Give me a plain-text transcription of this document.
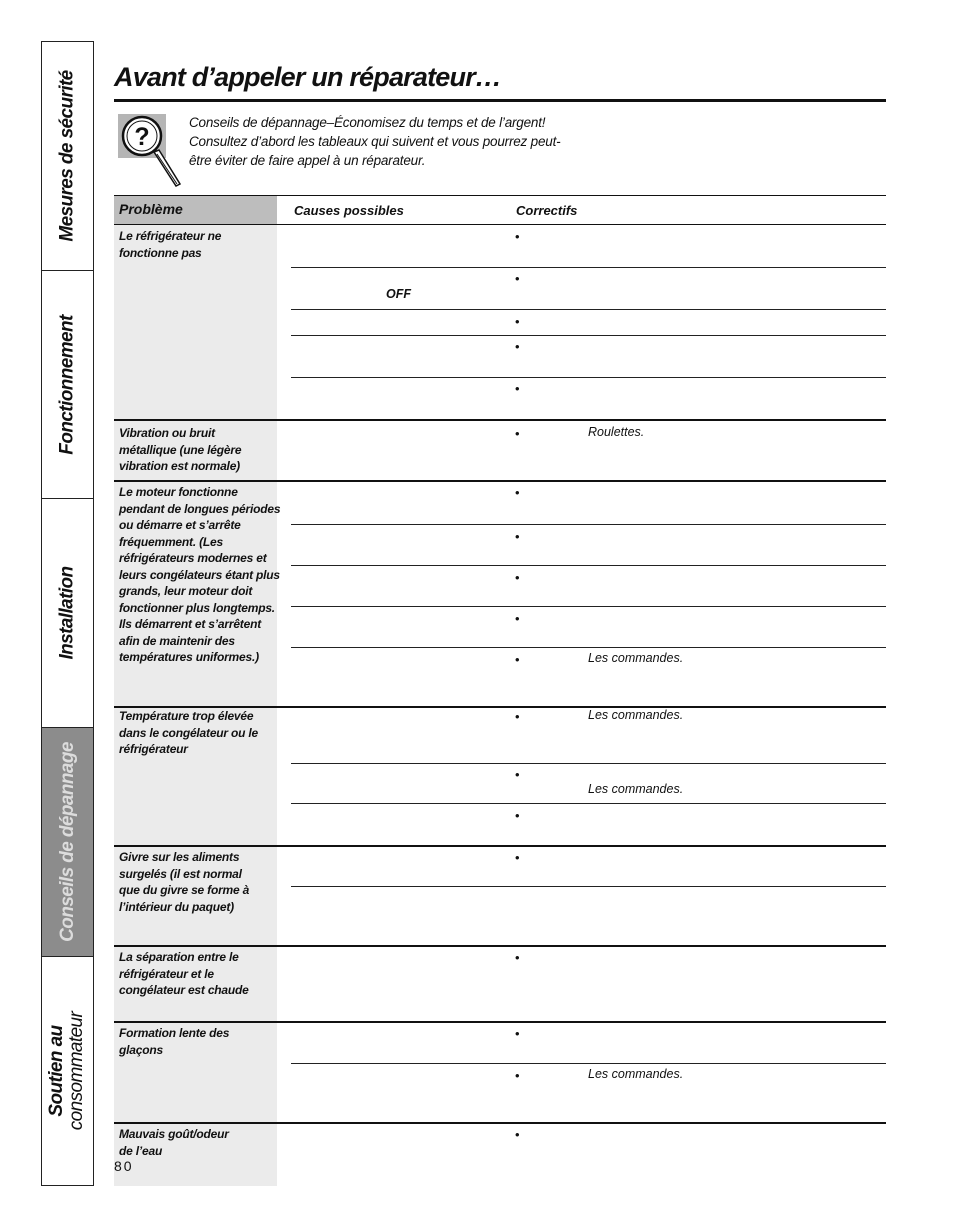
Mesures de sécurité
Fonctionnement
Installation
Conseils de dépannage
Soutien au consommateur
Avant d’appeler un réparateur…
?
Conseils de dépannage–Économisez du temps et de l’argent!
Consultez d’abord les tableaux qui suivent et vous pourrez peut-
être éviter de faire appel à un réparateur.
Problème	Causes possibles	Correctifs
Le réfrigérateur ne fonctionne pas
Vibration ou bruit métallique (une légère vibration est normale)
Le moteur fonctionne pendant de longues périodes ou démarre et s’arrête fréquemment. (Les réfrigérateurs modernes et leurs congélateurs étant plus grands, leur moteur doit fonctionner plus longtemps. Ils démarrent et s’arrêtent afin de maintenir des températures uniformes.)
Température trop élevée dans le congélateur ou le réfrigérateur
Givre sur les aliments surgelés (il est normal que du givre se forme à l’intérieur du paquet)
La séparation entre le réfrigérateur et le congélateur est chaude
Formation lente des glaçons
Mauvais goût/odeur de l’eau
•
•
•
•
•
•
•
•
•
•
•
•
•
•
•
•
•
•
•
OFF
Roulettes.
Les commandes.
Les commandes.
Les commandes.
Les commandes.
80
